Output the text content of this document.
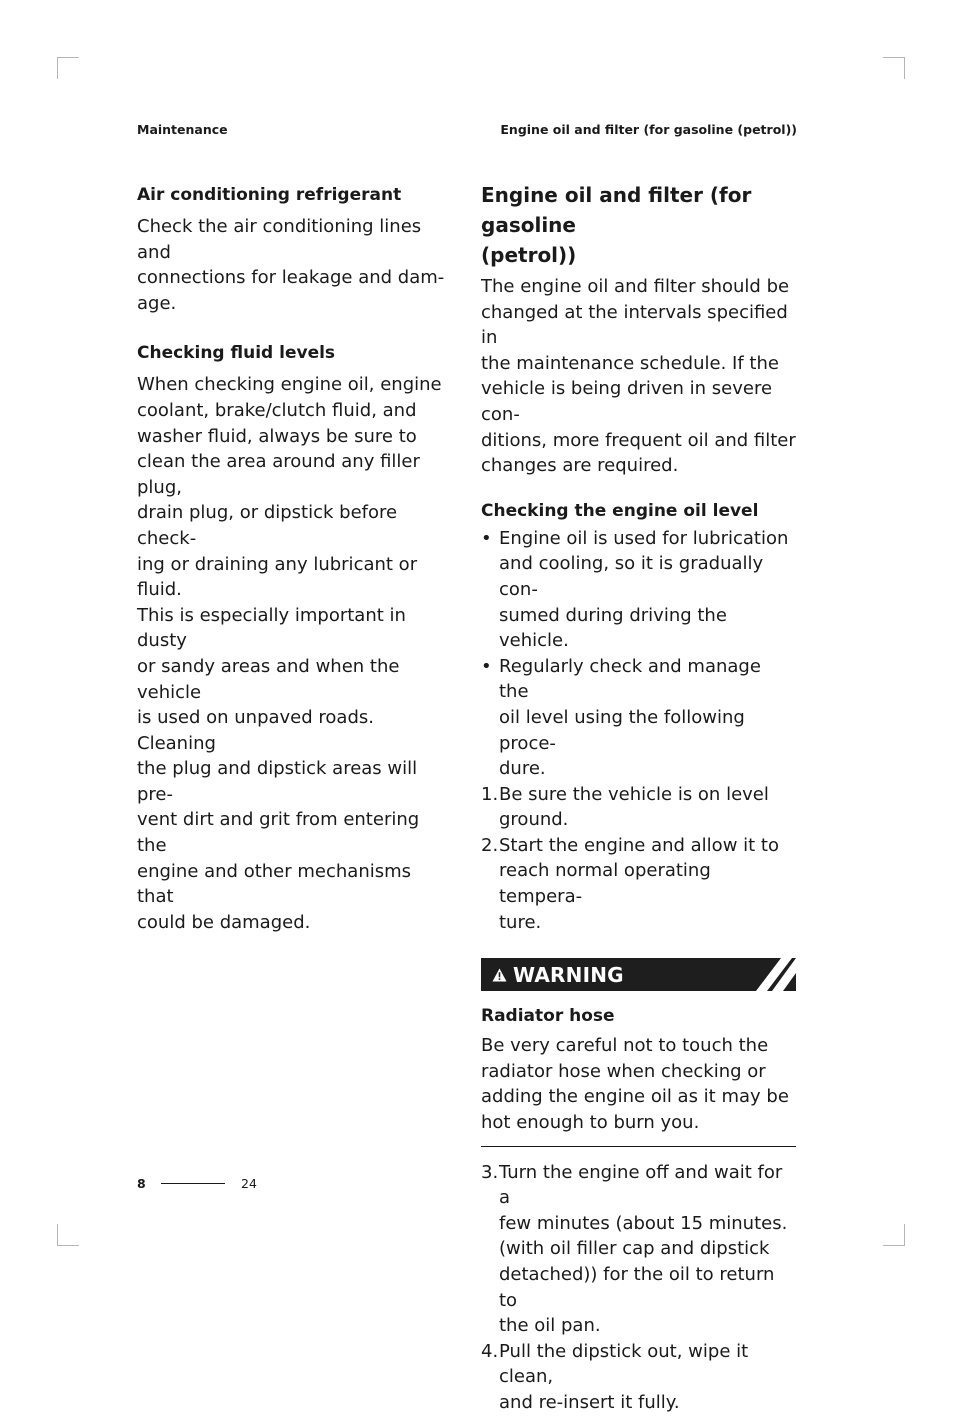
Maintenance	Engine oil and filter (for gasoline (petrol))
Air conditioning refrigerant

Check the air conditioning lines and

connections for leakage and dam-

age.

Checking fluid levels

When checking engine oil, engine

coolant, brake/clutch fluid, and

washer fluid, always be sure to

clean the area around any filler plug,

drain plug, or dipstick before check-

ing or draining any lubricant or fluid.

This is especially important in dusty

or sandy areas and when the vehicle

is used on unpaved roads. Cleaning

the plug and dipstick areas will pre-

vent dirt and grit from entering the

engine and other mechanisms that

could be damaged.

Engine oil and filter (for gasoline
(petrol))

The engine oil and filter should be

changed at the intervals specified in

the maintenance schedule. If the

vehicle is being driven in severe con-

ditions, more frequent oil and filter

changes are required.

Checking the engine oil level
• Engine oil is used for lubrication
and cooling, so it is gradually con-
sumed during driving the vehicle.
• Regularly check and manage the
oil level using the following proce-
dure.
1. Be sure the vehicle is on level
ground.
2. Start the engine and allow it to
reach normal operating tempera-
ture.
WARNING
Radiator hose

Be very careful not to touch the

radiator hose when checking or

adding the engine oil as it may be

hot enough to burn you.

3. Turn the engine off and wait for a
few minutes (about 15 minutes.
(with oil filler cap and dipstick
detached)) for the oil to return to
the oil pan.
4. Pull the dipstick out, wipe it clean,
and re-insert it fully.
8	24
